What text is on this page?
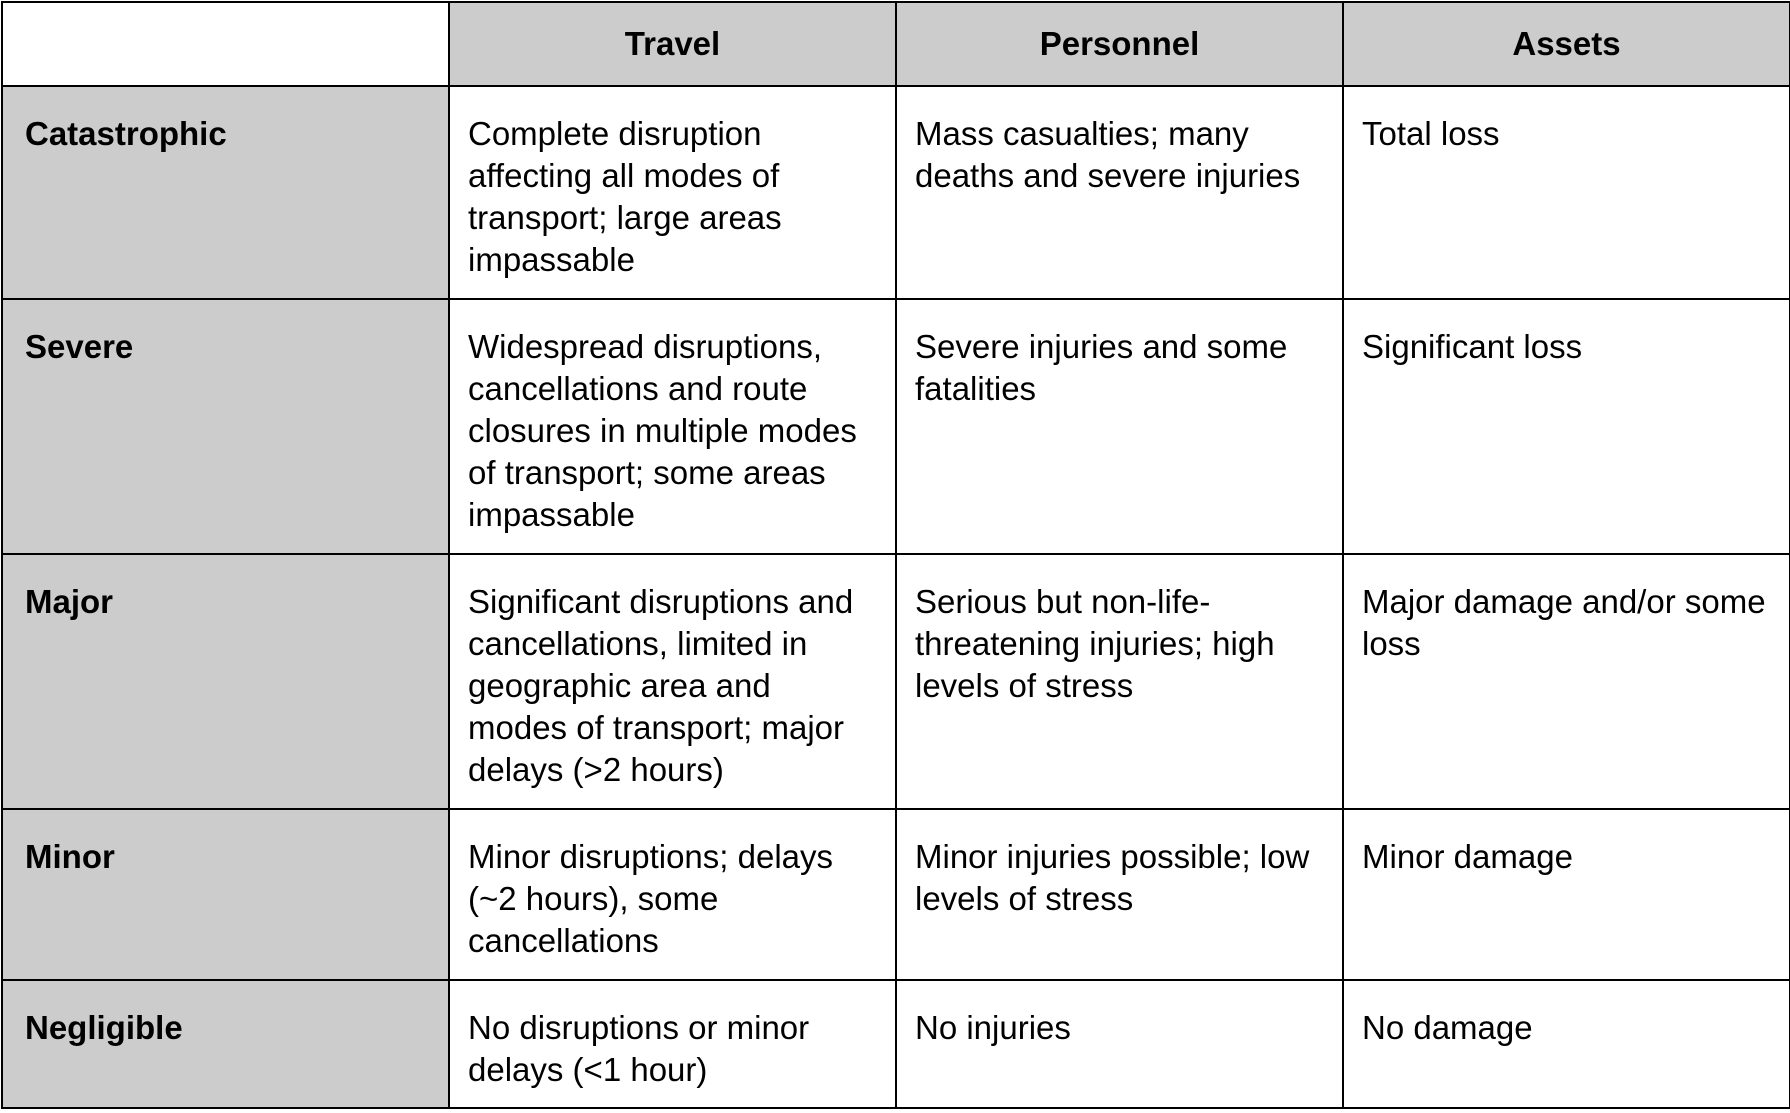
	Travel	Personnel	Assets
Catastrophic	Complete disruption affecting all modes of transport; large areas impassable	Mass casualties; many deaths and severe injuries	Total loss
Severe	Widespread disruptions, cancellations and route closures in multiple modes of transport; some areas impassable	Severe injuries and some fatalities	Significant loss
Major	Significant disruptions and cancellations, limited in geographic area and modes of transport; major delays (>2 hours)	Serious but non-life-threatening injuries; high levels of stress	Major damage and/or some loss
Minor	Minor disruptions; delays (~2 hours), some cancellations	Minor injuries possible; low levels of stress	Minor damage
Negligible	No disruptions or minor delays (<1 hour)	No injuries	No damage
